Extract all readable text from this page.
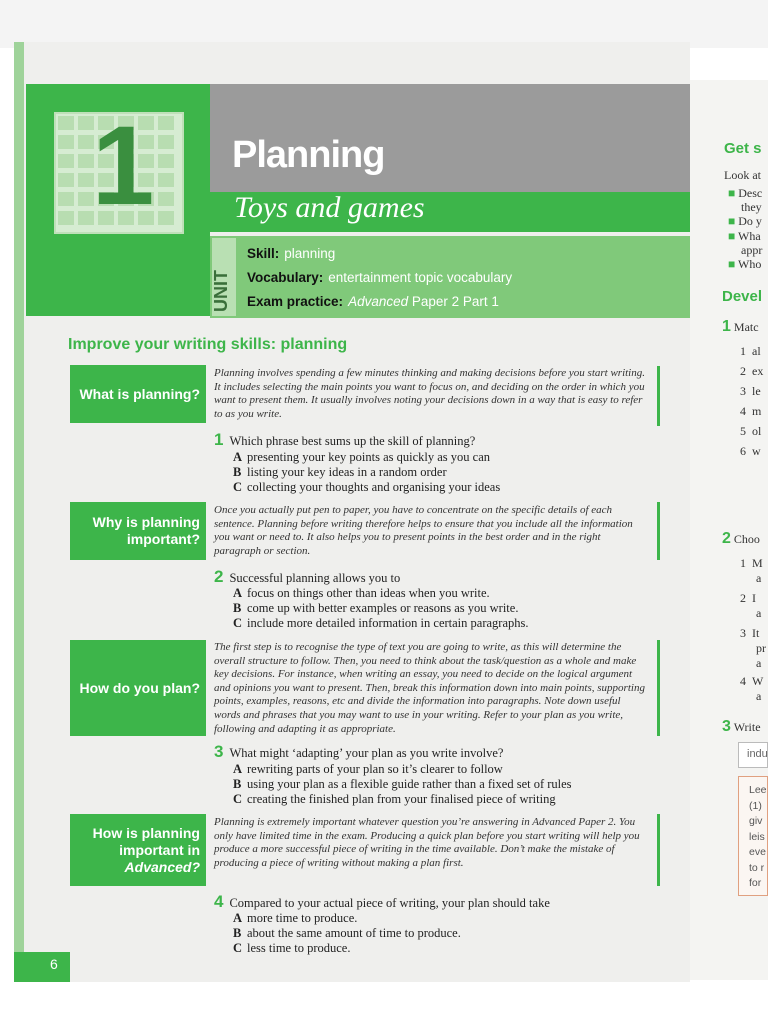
1 Planning
Toys and games
UNIT
Skill: planning
Vocabulary: entertainment topic vocabulary
Exam practice: Advanced Paper 2 Part 1
Improve your writing skills: planning
What is planning?
Planning involves spending a few minutes thinking and making decisions before you start writing. It includes selecting the main points you want to focus on, and deciding on the order in which you want to present them. It usually involves noting your decisions down in a way that is easy to refer to as you write.
1 Which phrase best sums up the skill of planning?
A presenting your key points as quickly as you can
B listing your key ideas in a random order
C collecting your thoughts and organising your ideas
Why is planning
important?
Once you actually put pen to paper, you have to concentrate on the specific details of each sentence. Planning before writing therefore helps to ensure that you include all the information you want or need to. It also helps you to present points in the best order and in the right paragraph or section.
2 Successful planning allows you to
A focus on things other than ideas when you write.
B come up with better examples or reasons as you write.
C include more detailed information in certain paragraphs.
How do you plan?
The first step is to recognise the type of text you are going to write, as this will determine the overall structure to follow. Then, you need to think about the task/question as a whole and make key decisions. For instance, when writing an essay, you need to decide on the logical argument and opinions you want to present. Then, break this information down into main points, supporting points, examples, reasons, etc and divide the information into paragraphs. Note down useful words and phrases that you may want to use in your writing. Refer to your plan as you write, following and adapting it as appropriate.
3 What might ‘adapting’ your plan as you write involve?
A rewriting parts of your plan so it’s clearer to follow
B using your plan as a flexible guide rather than a fixed set of rules
C creating the finished plan from your finalised piece of writing
How is planning
important in
Advanced?
Planning is extremely important whatever question you’re answering in Advanced Paper 2. You only have limited time in the exam. Producing a quick plan before you start writing will help you produce a more successful piece of writing in the time available. Don’t make the mistake of producing a piece of writing without making a plan first.
4 Compared to your actual piece of writing, your plan should take
A more time to produce.
B about the same amount of time to produce.
C less time to produce.
6
Get s
Look at
■ Desc
they
■ Do y
■ Wha
appr
■ Who
Devel
1 Matc
1 al
2 ex
3 le
4 m
5 ol
6 w
2 Choo
1 M
a
2 I
a
3 It
pr
a
4 W
a
3 Write
indu
Lee
(1)
giv
leis
eve
to r
for
